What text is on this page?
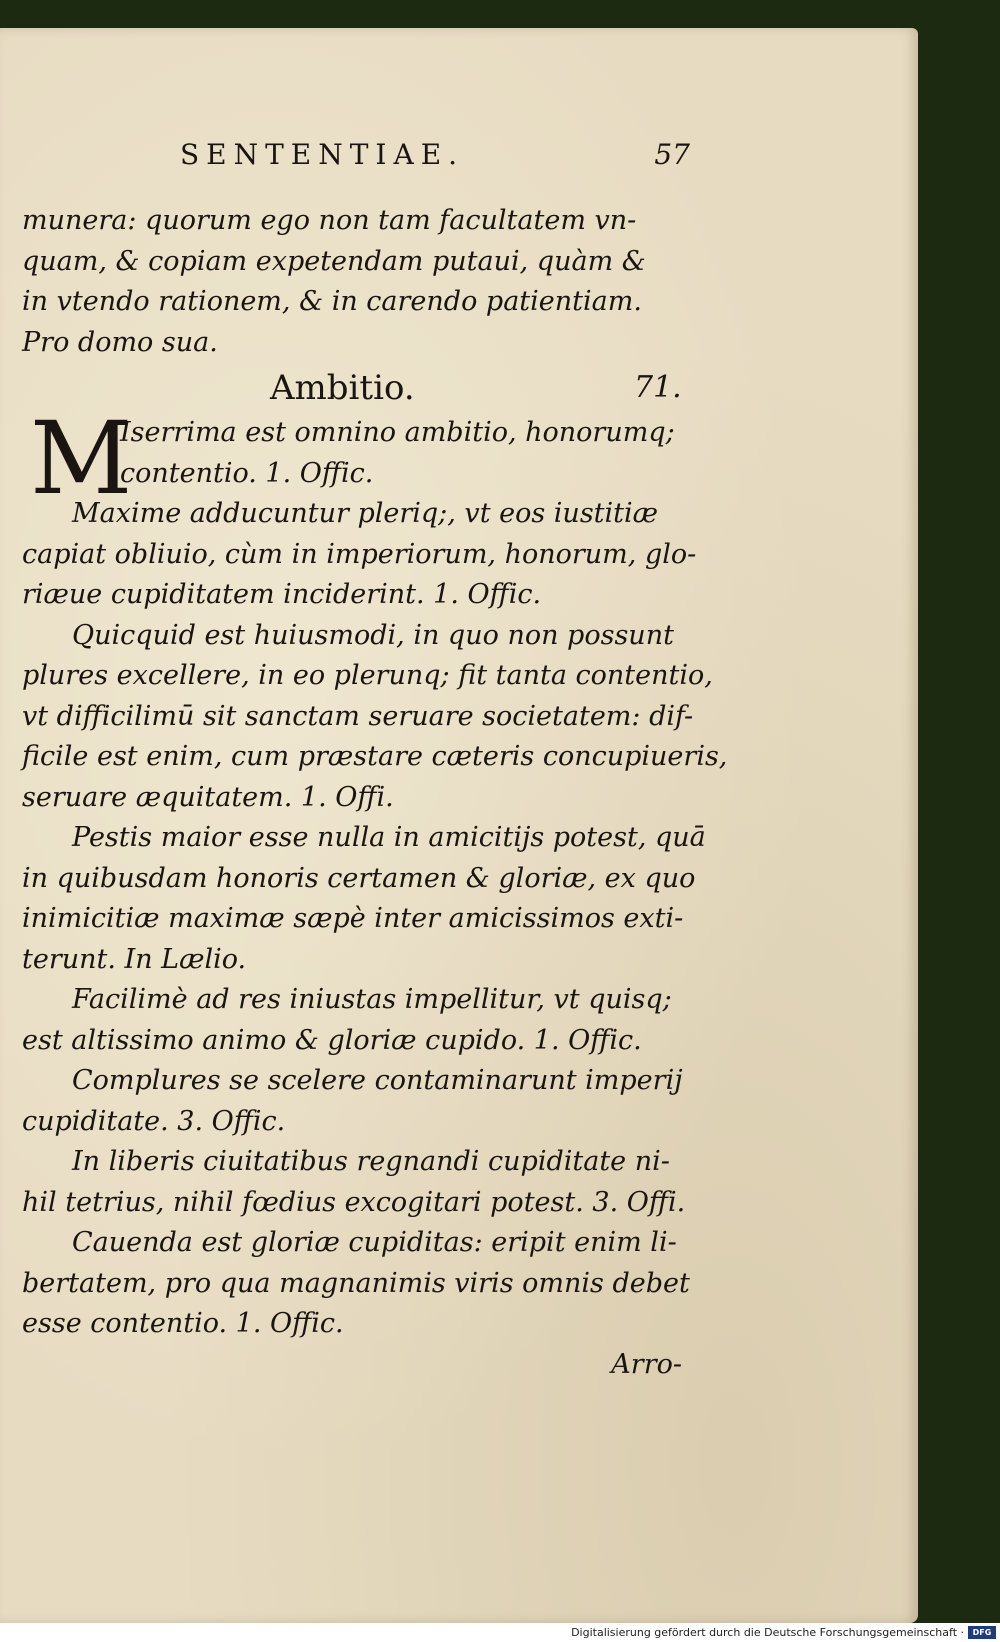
SENTENTIAE.	57
munera: quorum ego non tam facultatem vn-
quam, & copiam expetendam putaui, quàm &
in vtendo rationem, & in carendo patientiam.
Pro domo sua.
Ambitio.	71.
M
Iserrima est omnino ambitio, honorumq;
contentio. 1. Offic.
Maxime adducuntur pleriq;, vt eos iustitiæ
capiat obliuio, cùm in imperiorum, honorum, glo-
riæue cupiditatem inciderint. 1. Offic.
Quicquid est huiusmodi, in quo non possunt
plures excellere, in eo plerunq; fit tanta contentio,
vt difficilimū sit sanctam seruare societatem: dif-
ficile est enim, cum præstare cæteris concupiueris,
seruare æquitatem. 1. Offi.
Pestis maior esse nulla in amicitijs potest, quā
in quibusdam honoris certamen & gloriæ, ex quo
inimicitiæ maximæ sæpè inter amicissimos exti-
terunt. In Lælio.
Facilimè ad res iniustas impellitur, vt quisq;
est altissimo animo & gloriæ cupido. 1. Offic.
Complures se scelere contaminarunt imperij
cupiditate. 3. Offic.
In liberis ciuitatibus regnandi cupiditate ni-
hil tetrius, nihil fœdius excogitari potest. 3. Offi.
Cauenda est gloriæ cupiditas: eripit enim li-
bertatem, pro qua magnanimis viris omnis debet
esse contentio. 1. Offic.
Arro-
Digitalisierung gefördert durch die Deutsche Forschungsgemeinschaft ·	DFG
